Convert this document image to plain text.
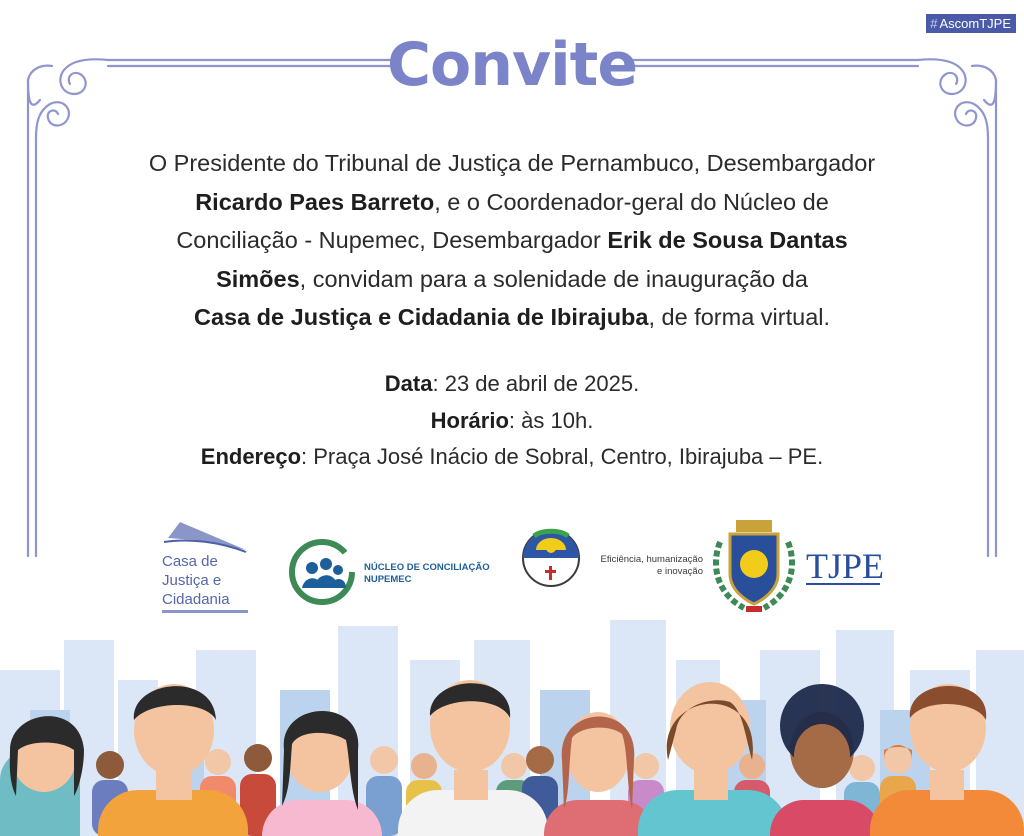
# AscomTJPE
Convite
O Presidente do Tribunal de Justiça de Pernambuco, Desembargador
Ricardo Paes Barreto, e o Coordenador-geral do Núcleo de
Conciliação - Nupemec, Desembargador Erik de Sousa Dantas
Simões, convidam para a solenidade de inauguração da
Casa de Justiça e Cidadania de Ibirajuba, de forma virtual.
Data: 23 de abril de 2025.
Horário: às 10h.
Endereço: Praça José Inácio de Sobral, Centro, Ibirajuba – PE.
Casa de
Justiça e
Cidadania
NÚCLEO DE CONCILIAÇÃO
NUPEMEC
Eficiência, humanização
e inovação	TJPE
